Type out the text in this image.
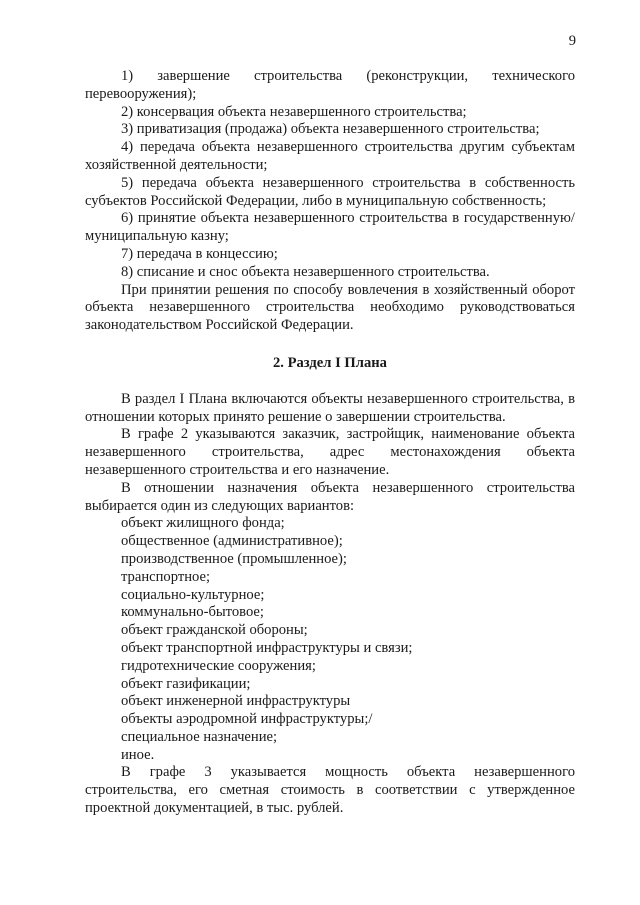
9
1) завершение строительства (реконструкции, технического перевооружения);
2) консервация объекта незавершенного строительства;
3) приватизация (продажа) объекта незавершенного строительства;
4) передача объекта незавершенного строительства другим субъектам хозяйственной деятельности;
5) передача объекта незавершенного строительства в собственность субъектов Российской Федерации, либо в муниципальную собственность;
6) принятие объекта незавершенного строительства в государственную/муниципальную казну;
7) передача в концессию;
8) списание и снос объекта незавершенного строительства.
При принятии решения по способу вовлечения в хозяйственный оборот объекта незавершенного строительства необходимо руководствоваться законодательством Российской Федерации.
2. Раздел I Плана
В раздел I Плана включаются объекты незавершенного строительства, в отношении которых принято решение о завершении строительства.
В графе 2 указываются заказчик, застройщик, наименование объекта незавершенного строительства, адрес местонахождения объекта незавершенного строительства и его назначение.
В отношении назначения объекта незавершенного строительства выбирается один из следующих вариантов:
объект жилищного фонда;
общественное (административное);
производственное (промышленное);
транспортное;
социально-культурное;
коммунально-бытовое;
объект гражданской обороны;
объект транспортной инфраструктуры и связи;
гидротехнические сооружения;
объект газификации;
объект инженерной инфраструктуры
объекты аэродромной инфраструктуры;/
специальное назначение;
иное.
В графе 3 указывается мощность объекта незавершенного строительства, его сметная стоимость в соответствии с утвержденное проектной документацией, в тыс. рублей.
